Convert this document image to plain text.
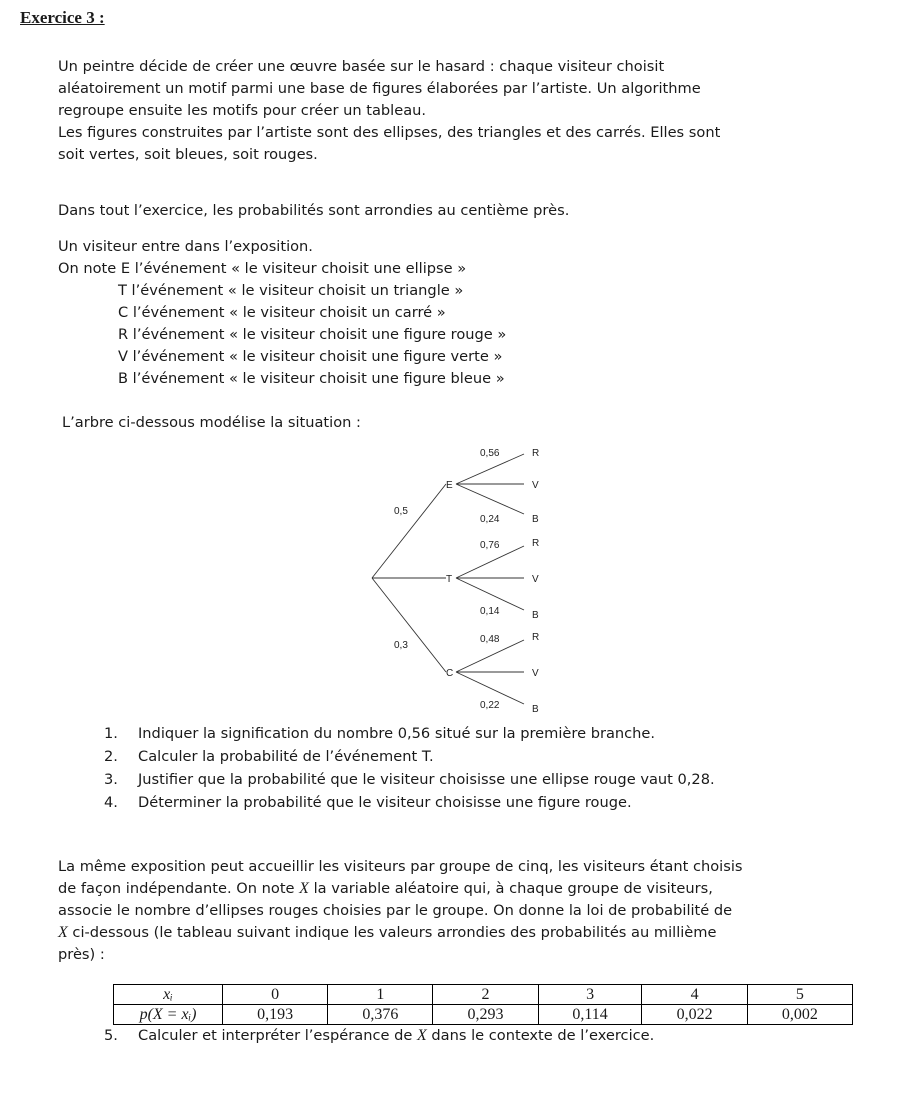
Exercice 3 :

Un peintre décide de créer une œuvre basée sur le hasard : chaque visiteur choisit
aléatoirement un motif parmi une base de figures élaborées par l’artiste. Un algorithme
regroupe ensuite les motifs pour créer un tableau.
Les figures construites par l’artiste sont des ellipses, des triangles et des carrés. Elles sont
soit vertes, soit bleues, soit rouges.

Dans tout l’exercice, les probabilités sont arrondies au centième près.

Un visiteur entre dans l’exposition.
On note E l’événement « le visiteur choisit une ellipse »
T l’événement « le visiteur choisit un triangle »
C l’événement « le visiteur choisit un carré »
R l’événement « le visiteur choisit une figure rouge »
V l’événement « le visiteur choisit une figure verte »
B l’événement « le visiteur choisit une figure bleue »

L’arbre ci-dessous modélise la situation :

E
T
C
0,5
0,3
R
V
B
R
V
B
R
V
B
0,56
0,24
0,76
0,14
0,48
0,22
1. Indiquer la signification du nombre 0,56 situé sur la première branche.
2. Calculer la probabilité de l’événement T.
3. Justifier que la probabilité que le visiteur choisisse une ellipse rouge vaut 0,28.
4. Déterminer la probabilité que le visiteur choisisse une figure rouge.

La même exposition peut accueillir les visiteurs par groupe de cinq, les visiteurs étant choisis
de façon indépendante. On note X la variable aléatoire qui, à chaque groupe de visiteurs,
associe le nombre d’ellipses rouges choisies par le groupe. On donne la loi de probabilité de
X ci-dessous (le tableau suivant indique les valeurs arrondies des probabilités au millième
près) :

xᵢ	0	1	2	3	4	5
p(X = xᵢ)	0,193	0,376	0,293	0,114	0,022	0,002
5. Calculer et interpréter l’espérance de X dans le contexte de l’exercice.
